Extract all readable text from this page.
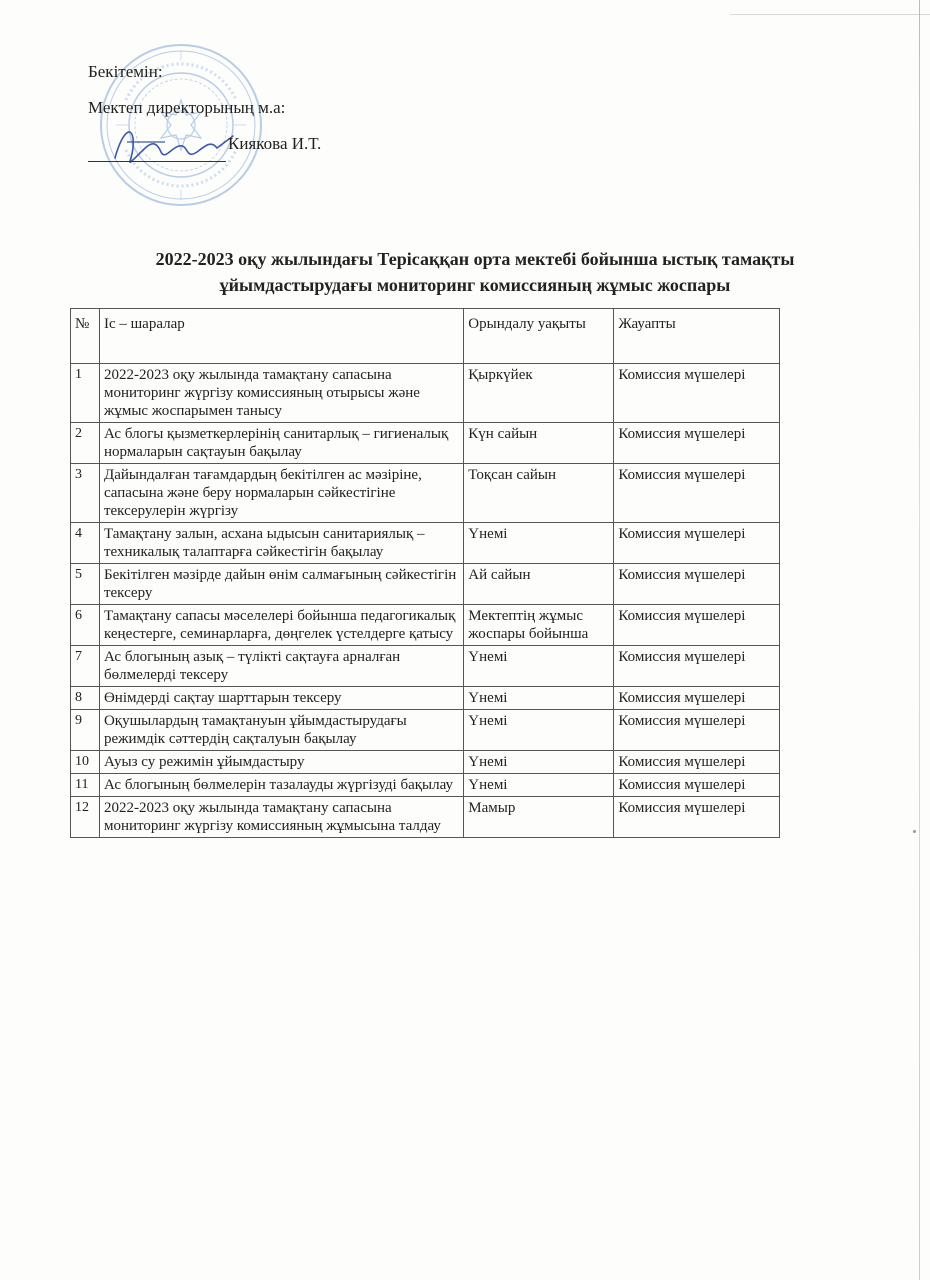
Бекітемін:
Мектеп директорының м.а:
Киякова И.Т.
2022-2023 оқу жылындағы Терісаққан орта мектебі бойынша ыстық тамақты
ұйымдастырудағы мониторинг комиссияның жұмыс жоспары
№	Іс – шаралар	Орындалу уақыты	Жауапты
1	2022-2023 оқу жылында тамақтану сапасына мониторинг жүргізу комиссияның отырысы және жұмыс жоспарымен танысу	Қыркүйек	Комиссия мүшелері
2	Ас блогы қызметкерлерінің санитарлық – гигиеналық нормаларын сақтауын бақылау	Күн сайын	Комиссия мүшелері
3	Дайындалған тағамдардың бекітілген ас мәзіріне, сапасына және беру нормаларын сәйкестігіне тексерулерін жүргізу	Тоқсан сайын	Комиссия мүшелері
4	Тамақтану залын, асхана ыдысын санитариялық – техникалық талаптарға сәйкестігін бақылау	Үнемі	Комиссия мүшелері
5	Бекітілген мәзірде дайын өнім салмағының сәйкестігін тексеру	Ай сайын	Комиссия мүшелері
6	Тамақтану сапасы мәселелері бойынша педагогикалық кеңестерге, семинарларға, дөңгелек үстелдерге қатысу	Мектептің жұмыс жоспары бойынша	Комиссия мүшелері
7	Ас блогының азық – түлікті сақтауға арналған бөлмелерді тексеру	Үнемі	Комиссия мүшелері
8	Өнімдерді сақтау шарттарын тексеру	Үнемі	Комиссия мүшелері
9	Оқушылардың тамақтануын ұйымдастырудағы режимдік сәттердің сақталуын бақылау	Үнемі	Комиссия мүшелері
10	Ауыз су режимін ұйымдастыру	Үнемі	Комиссия мүшелері
11	Ас блогының бөлмелерін тазалауды жүргізуді бақылау	Үнемі	Комиссия мүшелері
12	2022-2023 оқу жылында тамақтану сапасына мониторинг жүргізу комиссияның жұмысына талдау	Мамыр	Комиссия мүшелері
